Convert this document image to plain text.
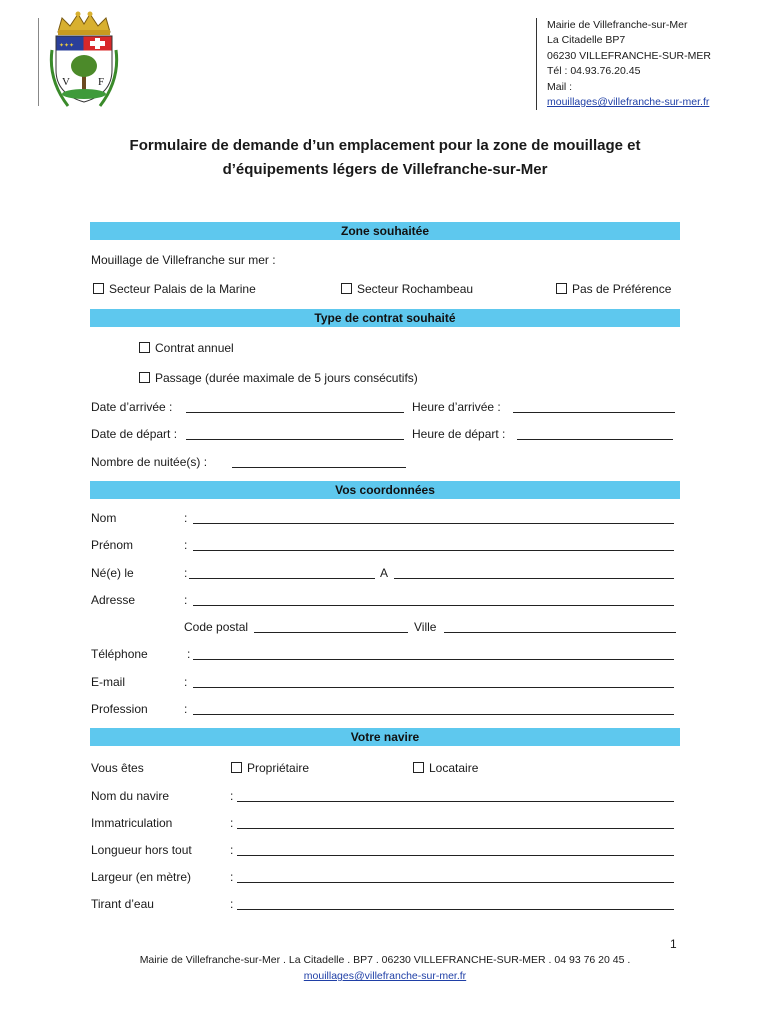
✦✦✦
V	F
Mairie de Villefranche-sur-Mer
La Citadelle BP7
06230 VILLEFRANCHE-SUR-MER
Tél : 04.93.76.20.45
Mail :
mouillages@villefranche-sur-mer.fr
Formulaire de demande d’un emplacement pour la zone de mouillage et
d’équipements légers de Villefranche-sur-Mer
Zone souhaitée
Mouillage de Villefranche sur mer :
Secteur Palais de la Marine	Secteur Rochambeau	Pas de Préférence
Type de contrat souhaité
Contrat annuel
Passage (durée maximale de 5 jours consécutifs)
Date d’arrivée :	Heure d’arrivée :
Date de départ :	Heure de départ :
Nombre de nuitée(s) :
Vos coordonnées
Nom	:
Prénom	:
Né(e) le	:	A
Adresse	:
Code postal	Ville
Téléphone	:
E-mail	:
Profession	:
Votre navire
Vous êtes	Propriétaire	Locataire
Nom du navire	:
Immatriculation	:
Longueur hors tout	:
Largeur (en mètre)	:
Tirant d’eau	:
1
Mairie de Villefranche-sur-Mer . La Citadelle . BP7 . 06230 VILLEFRANCHE-SUR-MER . 04 93 76 20 45 .
mouillages@villefranche-sur-mer.fr
